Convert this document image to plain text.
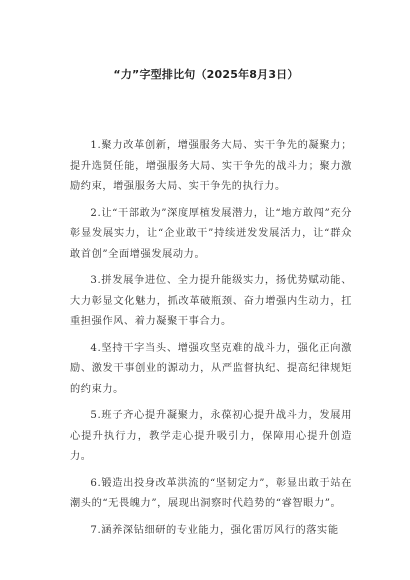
“力”字型排比句（2025年8月3日）

1.聚力改革创新，增强服务大局、实干争先的凝聚力；提升选贤任能，增强服务大局、实干争先的战斗力；聚力激励约束，增强服务大局、实干争先的执行力。

2.让“干部敢为”深度厚植发展潜力，让“地方敢闯”充分彰显发展实力，让“企业敢干”持续迸发发展活力，让“群众敢首创”全面增强发展动力。

3.拼发展争进位、全力提升能级实力，扬优势赋动能、大力彰显文化魅力，抓改革破瓶颈、奋力增强内生动力，扛重担强作风、着力凝聚干事合力。

4.坚持干字当头、增强攻坚克难的战斗力，强化正向激励、激发干事创业的源动力，从严监督执纪、提高纪律规矩的约束力。

5.班子齐心提升凝聚力，永葆初心提升战斗力，发展用心提升执行力，教学走心提升吸引力，保障用心提升创造力。

6.锻造出投身改革洪流的“坚韧定力”，彰显出敢于站在潮头的“无畏魄力”，展现出洞察时代趋势的“睿智眼力”。

7.涵养深钻细研的专业能力，强化雷厉风行的落实能
